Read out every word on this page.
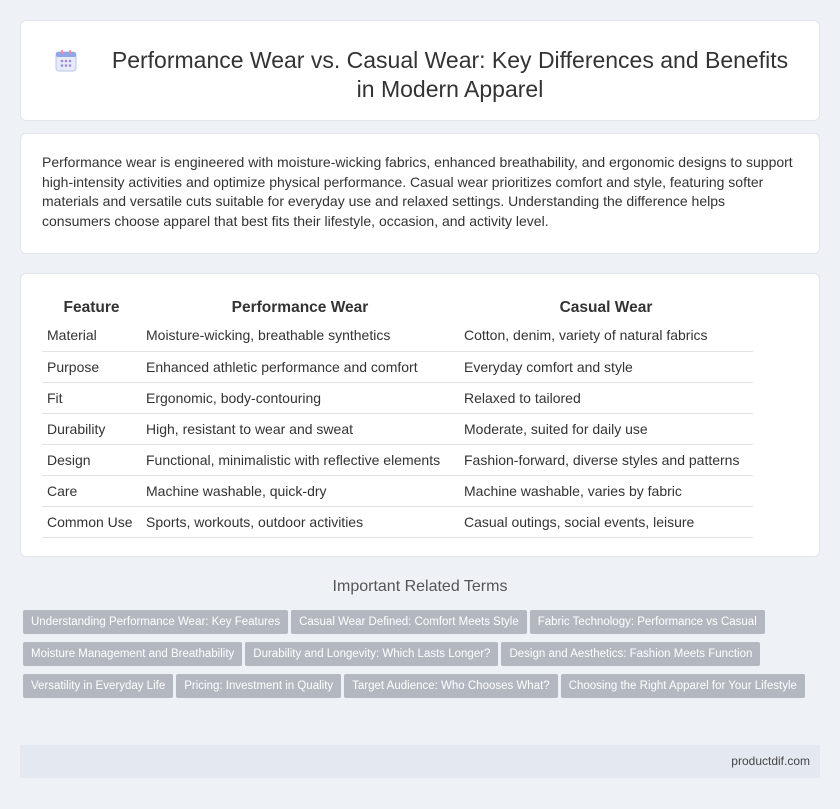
Performance Wear vs. Casual Wear: Key Differences and Benefits in Modern Apparel

Performance wear is engineered with moisture-wicking fabrics, enhanced breathability, and ergonomic designs to support high-intensity activities and optimize physical performance. Casual wear prioritizes comfort and style, featuring softer materials and versatile cuts suitable for everyday use and relaxed settings. Understanding the difference helps consumers choose apparel that best fits their lifestyle, occasion, and activity level.

Feature	Performance Wear	Casual Wear
Material	Moisture-wicking, breathable synthetics	Cotton, denim, variety of natural fabrics
Purpose	Enhanced athletic performance and comfort	Everyday comfort and style
Fit	Ergonomic, body-contouring	Relaxed to tailored
Durability	High, resistant to wear and sweat	Moderate, suited for daily use
Design	Functional, minimalistic with reflective elements	Fashion-forward, diverse styles and patterns
Care	Machine washable, quick-dry	Machine washable, varies by fabric
Common Use	Sports, workouts, outdoor activities	Casual outings, social events, leisure
Important Related Terms
Understanding Performance Wear: Key Features Casual Wear Defined: Comfort Meets Style Fabric Technology: Performance vs CasualMoisture Management and Breathability Durability and Longevity: Which Lasts Longer? Design and Aesthetics: Fashion Meets FunctionVersatility in Everyday Life Pricing: Investment in Quality Target Audience: Who Chooses What? Choosing the Right Apparel for Your Lifestyle
productdif.com
